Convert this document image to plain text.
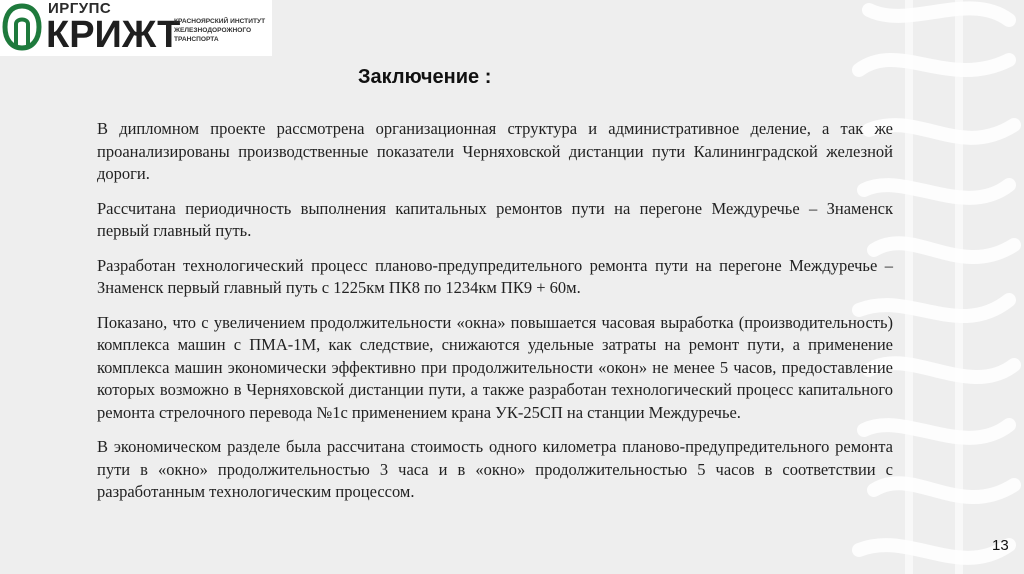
ИРГУПС
КРИЖТ
КРАСНОЯРСКИЙ ИНСТИТУТ
ЖЕЛЕЗНОДОРОЖНОГО
ТРАНСПОРТА
Заключение :

В дипломном проекте рассмотрена организационная структура и административное деление, а так же проанализированы производственные показатели Черняховской дистанции пути Калининградской железной дороги.

Рассчитана периодичность выполнения капитальных ремонтов пути на перегоне Междуречье – Знаменск первый главный путь.

Разработан технологический процесс планово-предупредительного ремонта пути на перегоне Междуречье – Знаменск первый главный путь с 1225км ПК8 по 1234км ПК9 + 60м.

Показано, что с увеличением продолжительности «окна» повышается часовая выработка (производительность) комплекса машин с ПМА-1М, как следствие, снижаются удельные затраты на ремонт пути, а применение комплекса машин экономически эффективно при продолжительности «окон» не менее 5 часов, предоставление которых возможно в Черняховской дистанции пути, а также разработан технологический процесс капитального ремонта стрелочного перевода №1с применением крана УК-25СП на станции Междуречье.

В экономическом разделе была рассчитана стоимость одного километра планово-предупредительного ремонта пути в «окно» продолжительностью 3 часа и в «окно» продолжительностью 5 часов в соответствии с разработанным технологическим процессом.

13
